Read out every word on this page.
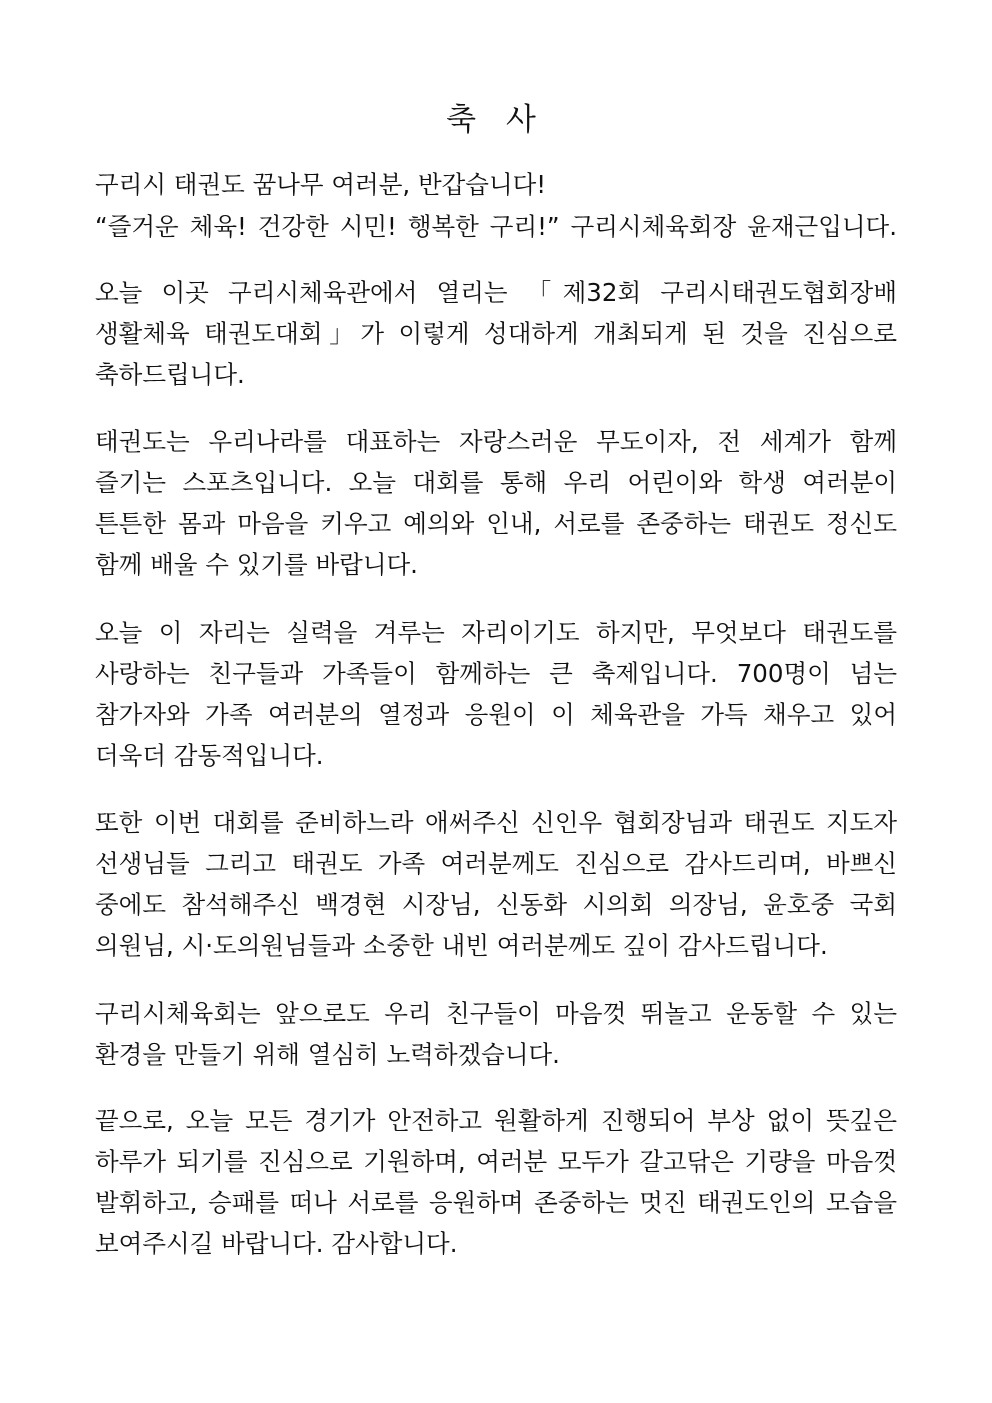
축 사
구리시 태권도 꿈나무 여러분, 반갑습니다!
“즐거운 체육! 건강한 시민! 행복한 구리!” 구리시체육회장 윤재근입니다.
오늘 이곳 구리시체육관에서 열리는 「제32회 구리시태권도협회장배
생활체육 태권도대회」가 이렇게 성대하게 개최되게 된 것을 진심으로
축하드립니다.
태권도는 우리나라를 대표하는 자랑스러운 무도이자, 전 세계가 함께
즐기는 스포츠입니다. 오늘 대회를 통해 우리 어린이와 학생 여러분이
튼튼한 몸과 마음을 키우고 예의와 인내, 서로를 존중하는 태권도 정신도
함께 배울 수 있기를 바랍니다.
오늘 이 자리는 실력을 겨루는 자리이기도 하지만, 무엇보다 태권도를
사랑하는 친구들과 가족들이 함께하는 큰 축제입니다. 700명이 넘는
참가자와 가족 여러분의 열정과 응원이 이 체육관을 가득 채우고 있어
더욱더 감동적입니다.
또한 이번 대회를 준비하느라 애써주신 신인우 협회장님과 태권도 지도자
선생님들 그리고 태권도 가족 여러분께도 진심으로 감사드리며, 바쁘신
중에도 참석해주신 백경현 시장님, 신동화 시의회 의장님, 윤호중 국회
의원님, 시·도의원님들과 소중한 내빈 여러분께도 깊이 감사드립니다.
구리시체육회는 앞으로도 우리 친구들이 마음껏 뛰놀고 운동할 수 있는
환경을 만들기 위해 열심히 노력하겠습니다.
끝으로, 오늘 모든 경기가 안전하고 원활하게 진행되어 부상 없이 뜻깊은
하루가 되기를 진심으로 기원하며, 여러분 모두가 갈고닦은 기량을 마음껏
발휘하고, 승패를 떠나 서로를 응원하며 존중하는 멋진 태권도인의 모습을
보여주시길 바랍니다. 감사합니다.
